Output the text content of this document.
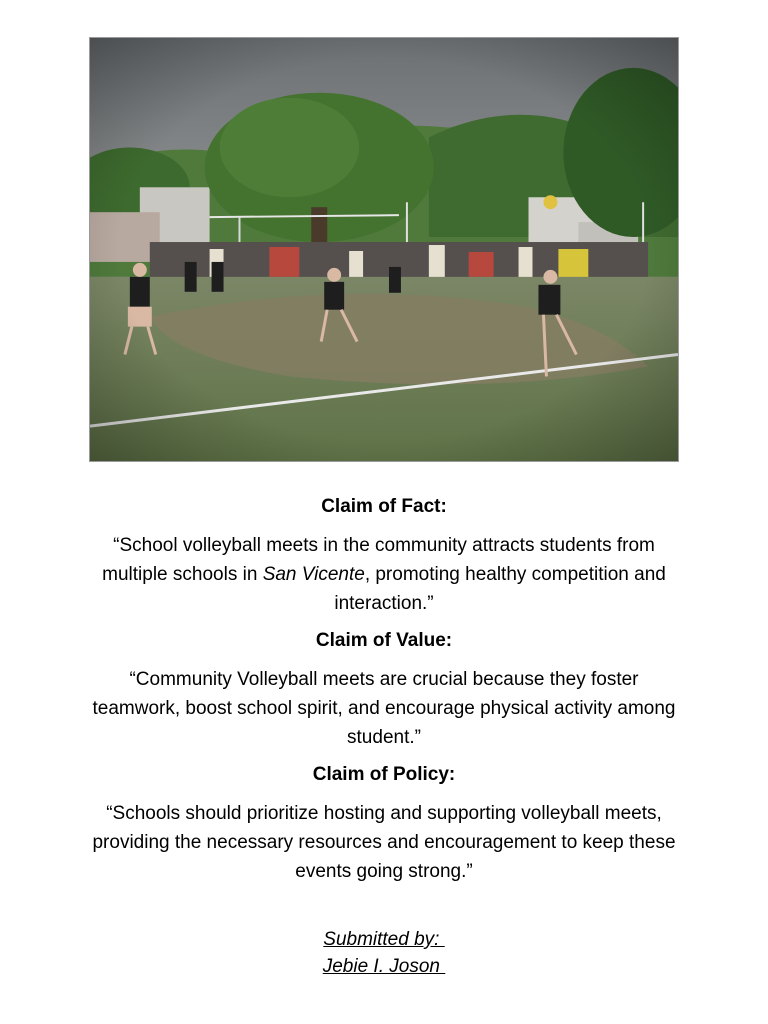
Claim of Fact:
“School volleyball meets in the community attracts students from multiple schools in San Vicente, promoting healthy competition and interaction.”
Claim of Value:
“Community Volleyball meets are crucial because they foster teamwork, boost school spirit, and encourage physical activity among student.”
Claim of Policy:
“Schools should prioritize hosting and supporting volleyball meets, providing the necessary resources and encouragement to keep these events going strong.”
Submitted by:
Jebie I. Joson
